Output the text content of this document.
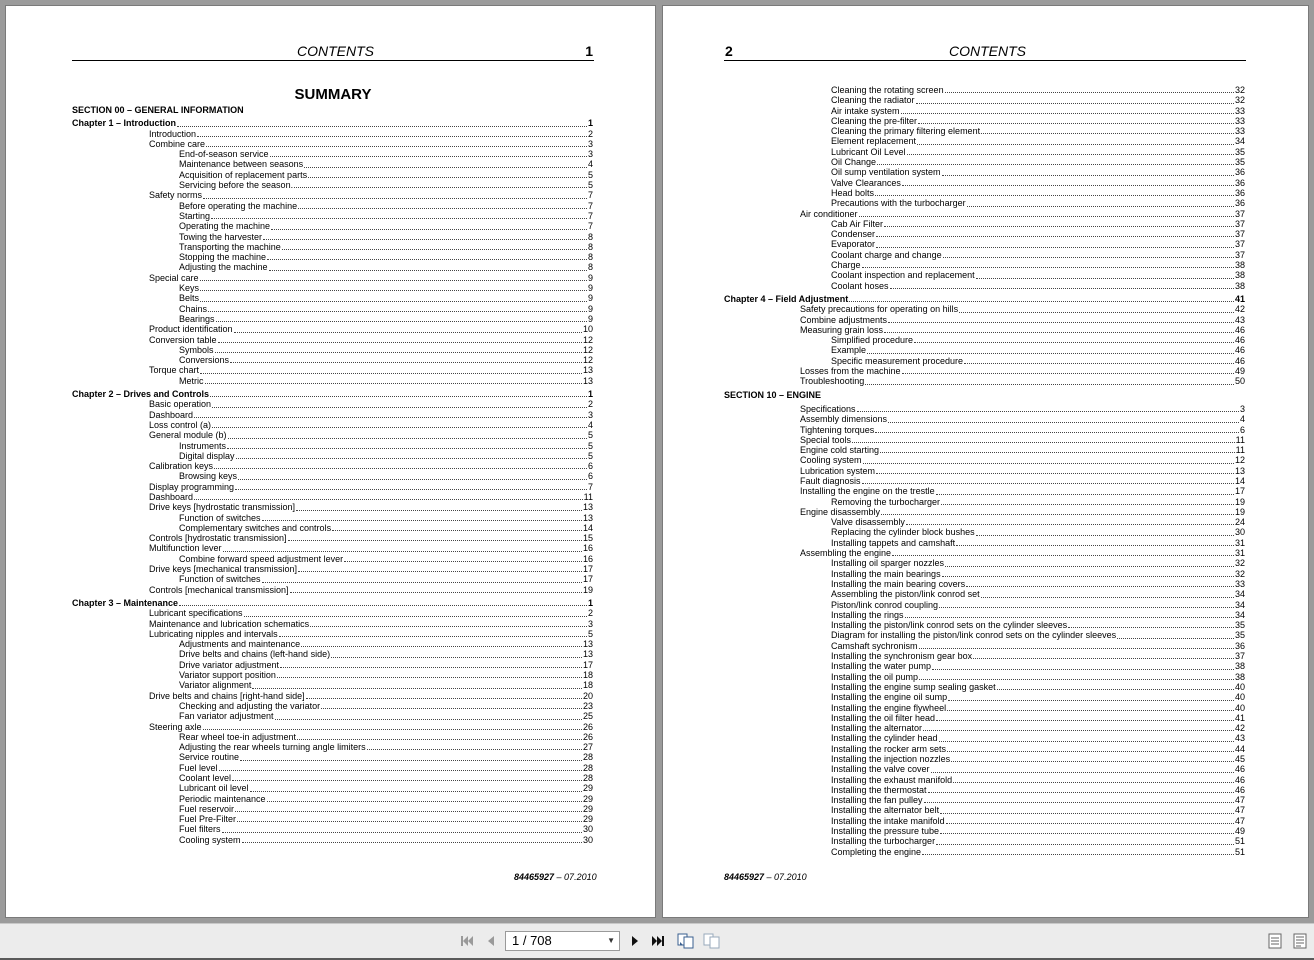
CONTENTS	1
SUMMARY
SECTION 00 – GENERAL INFORMATION
Chapter 1 – Introduction	1
Introduction	2
Combine care	3
End-of-season service	3
Maintenance between seasons	4
Acquisition of replacement parts	5
Servicing before the season.	5
Safety norms	7
Before operating the machine	7
Starting	7
Operating the machine	7
Towing the harvester	8
Transporting the machine	8
Stopping the machine	8
Adjusting the machine	8
Special care	9
Keys	9
Belts	9
Chains	9
Bearings	9
Product identification	10
Conversion table	12
Symbols	12
Conversions	12
Torque chart	13
Metric	13
Chapter 2 – Drives and Controls	1
Basic operation	2
Dashboard	3
Loss control (a)	4
General module (b)	5
Instruments	5
Digital display	5
Calibration keys	6
Browsing keys	6
Display programming	7
Dashboard	11
Drive keys [hydrostatic transmission]	13
Function of switches	13
Complementary switches and controls	14
Controls [hydrostatic transmission]	15
Multifunction lever	16
Combine forward speed adjustment lever	16
Drive keys [mechanical transmission]	17
Function of switches	17
Controls [mechanical transmission]	19
Chapter 3 – Maintenance	1
Lubricant specifications	2
Maintenance and lubrication schematics	3
Lubricating nipples and intervals	5
Adjustments and maintenance	13
Drive belts and chains (left-hand side)	13
Drive variator adjustment	17
Variator support position	18
Variator alignment	18
Drive belts and chains [right-hand side]	20
Checking and adjusting the variator	23
Fan variator adjustment	25
Steering axle	26
Rear wheel toe-in adjustment	26
Adjusting the rear wheels turning angle limiters	27
Service routine	28
Fuel level	28
Coolant level	28
Lubricant oil level	29
Periodic maintenance	29
Fuel reservoir	29
Fuel Pre-Filter	29
Fuel filters	30
Cooling system	30
84465927 – 07.2010
2	CONTENTS
Cleaning the rotating screen	32
Cleaning the radiator	32
Air intake system	33
Cleaning the pre-filter	33
Cleaning the primary filtering element	33
Element replacement	34
Lubricant Oil Level	35
Oil Change	35
Oil sump ventilation system	36
Valve Clearances	36
Head bolts	36
Precautions with the turbocharger	36
Air conditioner	37
Cab Air Filter	37
Condenser	37
Evaporator	37
Coolant charge and change	37
Charge	38
Coolant inspection and replacement	38
Coolant hoses	38
Chapter 4 – Field Adjustment	41
Safety precautions for operating on hills	42
Combine adjustments	43
Measuring grain loss	46
Simplified procedure	46
Example	46
Specific measurement procedure	46
Losses from the machine	49
Troubleshooting	50
SECTION 10 – ENGINE
Specifications	3
Assembly dimensions	4
Tightening torques	6
Special tools	11
Engine cold starting	11
Cooling system	12
Lubrication system	13
Fault diagnosis	14
Installing the engine on the trestle	17
Removing the turbocharger	19
Engine disassembly	19
Valve disassembly	24
Replacing the cylinder block bushes	30
Installing tappets and camshaft	31
Assembling the engine	31
Installing oil sparger nozzles	32
Installing the main bearings	32
Installing the main bearing covers	33
Assembling the piston/link conrod set	34
Piston/link conrod coupling	34
Installing the rings	34
Installing the piston/link conrod sets on the cylinder sleeves	35
Diagram for installing the piston/link conrod sets on the cylinder sleeves	35
Camshaft sychronism	36
Installing the synchronism gear box	37
Installing the water pump	38
Installing the oil pump	38
Installing the engine sump sealing gasket	40
Installing the engine oil sump	40
Installing the engine flywheel	40
Installing the oil filter head	41
Installing the alternator	42
Installing the cylinder head	43
Installing the rocker arm sets	44
Installing the injection nozzles	45
Installing the valve cover	46
Installing the exhaust manifold	46
Installing the thermostat	46
Installing the fan pulley	47
Installing the alternator belt	47
Installing the intake manifold	47
Installing the pressure tube	49
Installing the turbocharger	51
Completing the engine	51
84465927 – 07.2010
1 / 708	▼
